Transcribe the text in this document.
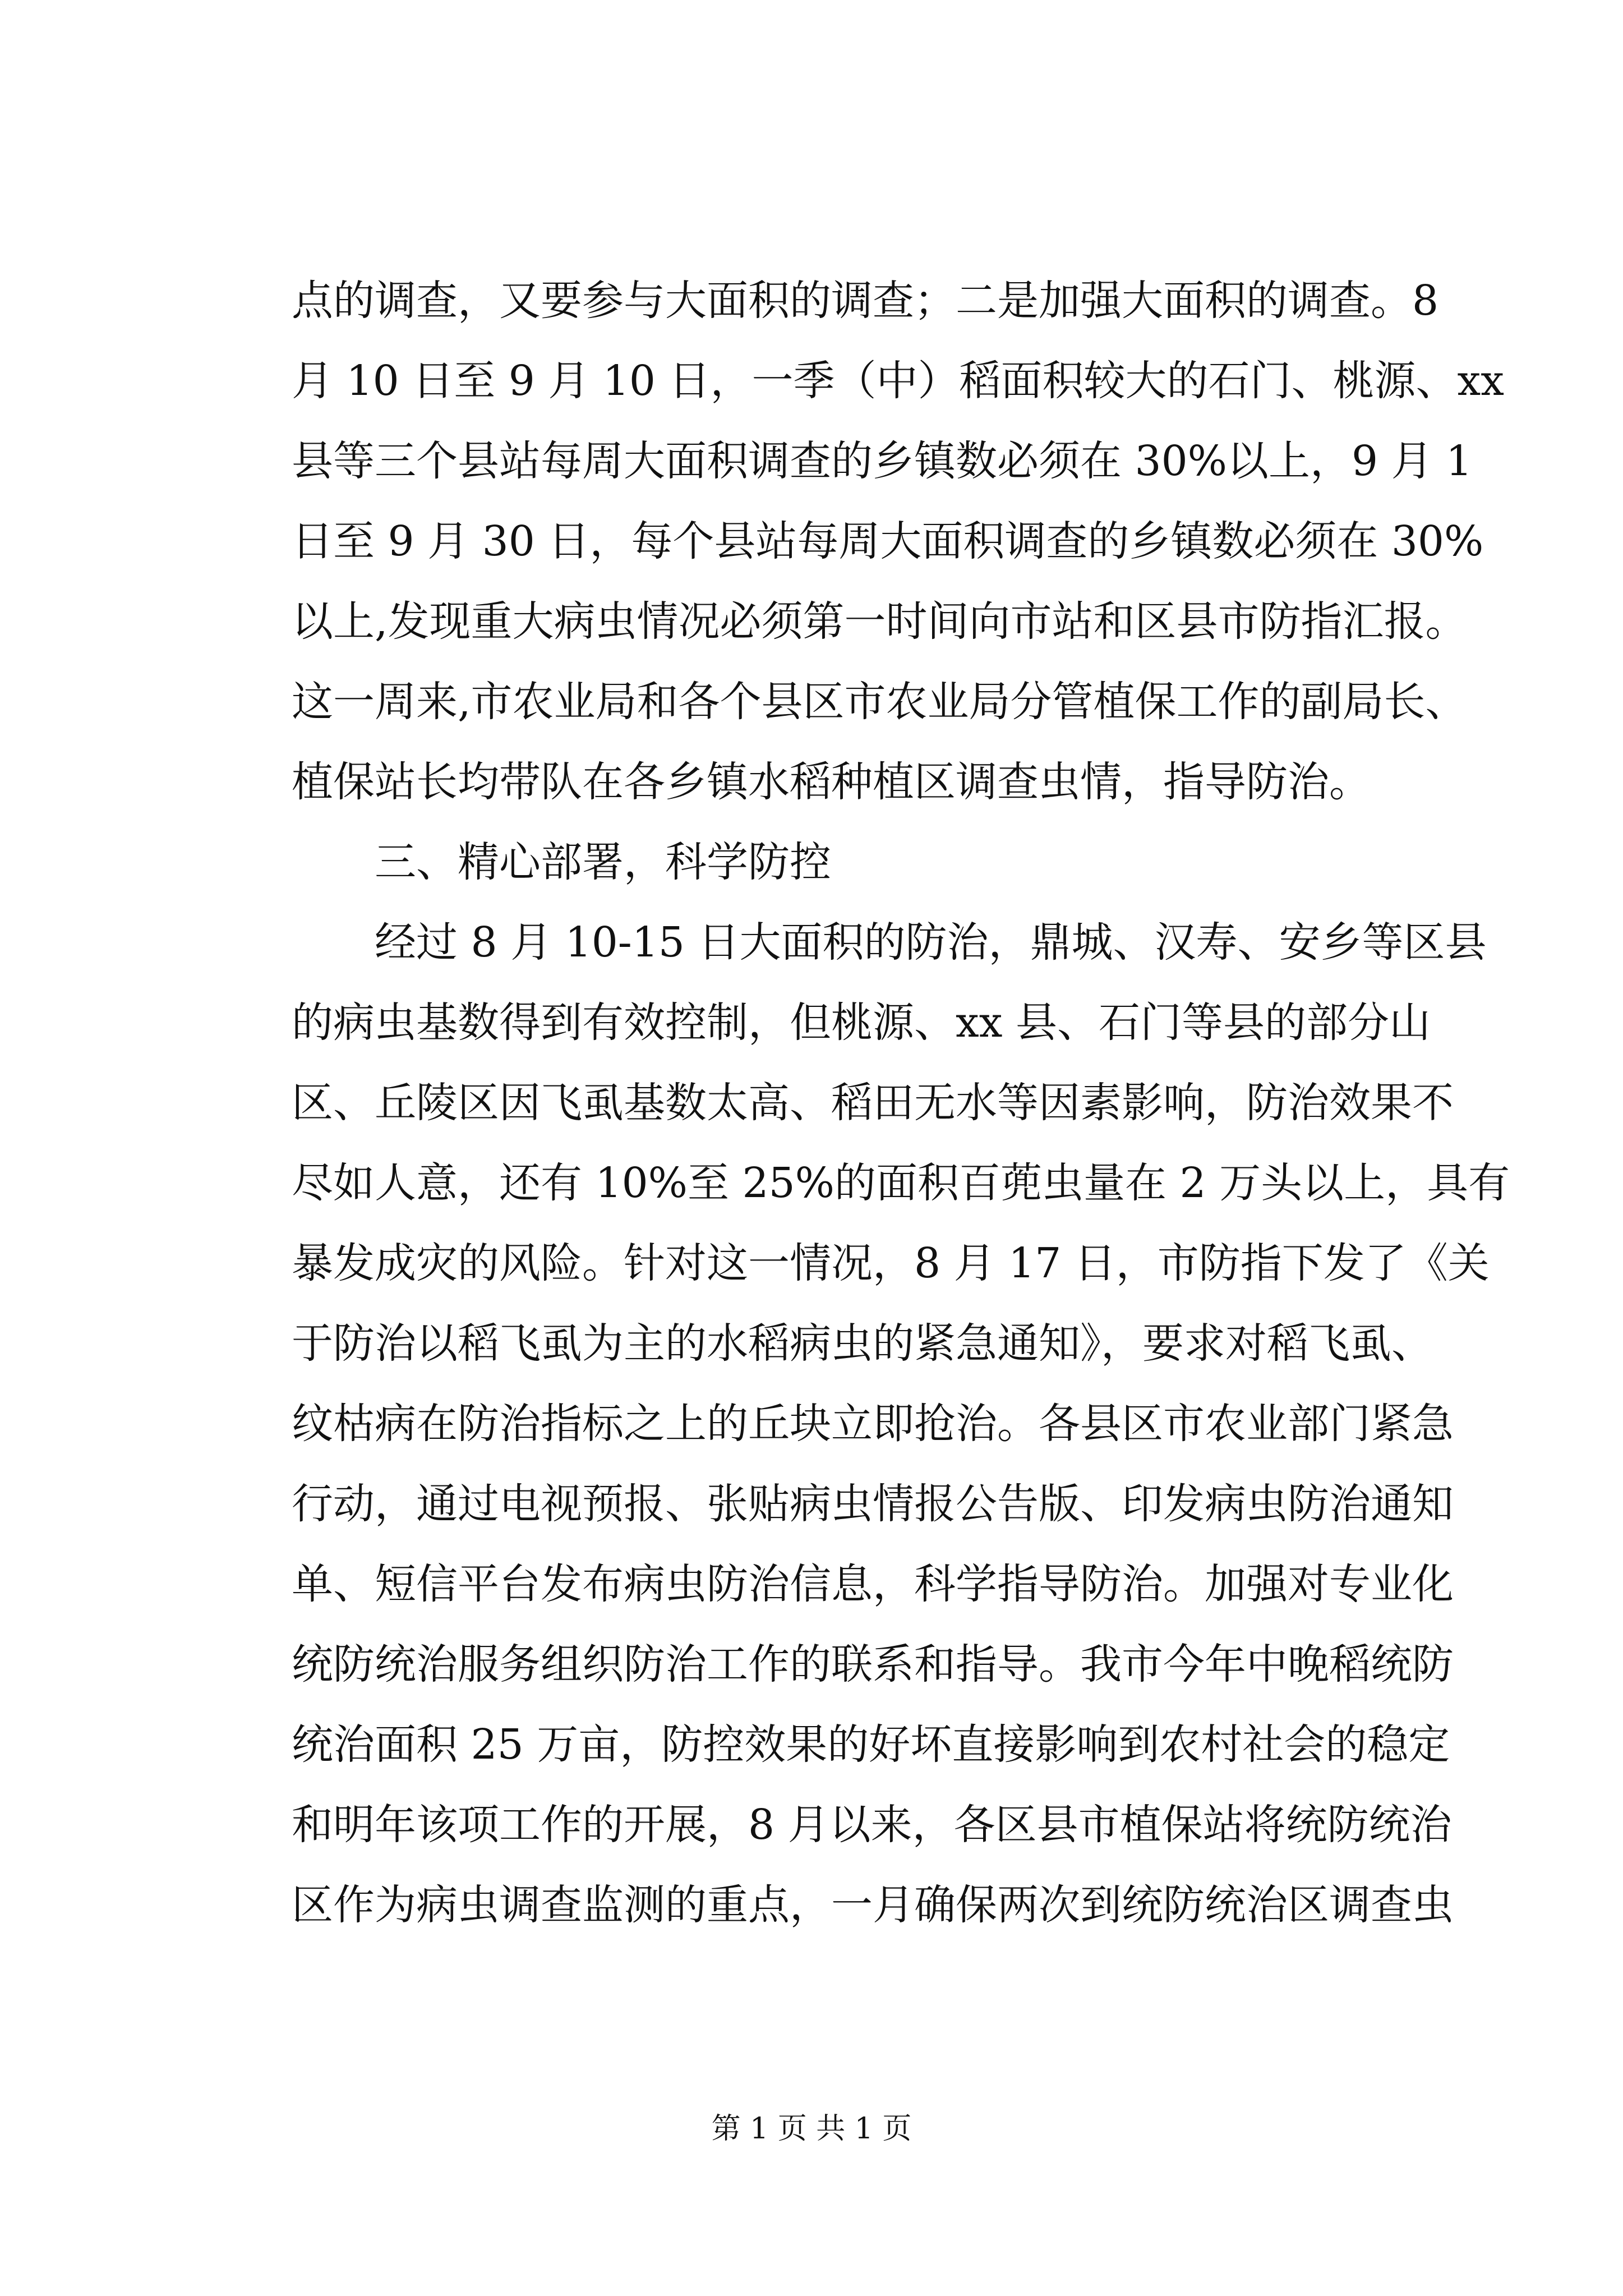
点的调查，又要参与大面积的调查；二是加强大面积的调查。8
月 10 日至 9 月 10 日，一季（中）稻面积较大的石门、桃源、xx
县等三个县站每周大面积调查的乡镇数必须在 30%以上，9 月 1
日至 9 月 30 日，每个县站每周大面积调查的乡镇数必须在 30%
以上,发现重大病虫情况必须第一时间向市站和区县市防指汇报。
这一周来,市农业局和各个县区市农业局分管植保工作的副局长、
植保站长均带队在各乡镇水稻种植区调查虫情，指导防治。
三、精心部署，科学防控
经过 8 月 10-15 日大面积的防治，鼎城、汉寿、安乡等区县
的病虫基数得到有效控制，但桃源、xx 县、石门等县的部分山
区、丘陵区因飞虱基数太高、稻田无水等因素影响，防治效果不
尽如人意，还有 10%至 25%的面积百蔸虫量在 2 万头以上，具有
暴发成灾的风险。针对这一情况，8 月 17 日，市防指下发了《关
于防治以稻飞虱为主的水稻病虫的紧急通知》，要求对稻飞虱、
纹枯病在防治指标之上的丘块立即抢治。各县区市农业部门紧急
行动，通过电视预报、张贴病虫情报公告版、印发病虫防治通知
单、短信平台发布病虫防治信息，科学指导防治。加强对专业化
统防统治服务组织防治工作的联系和指导。我市今年中晚稻统防
统治面积 25 万亩，防控效果的好坏直接影响到农村社会的稳定
和明年该项工作的开展，8 月以来，各区县市植保站将统防统治
区作为病虫调查监测的重点，一月确保两次到统防统治区调查虫
第 1 页 共 1 页
